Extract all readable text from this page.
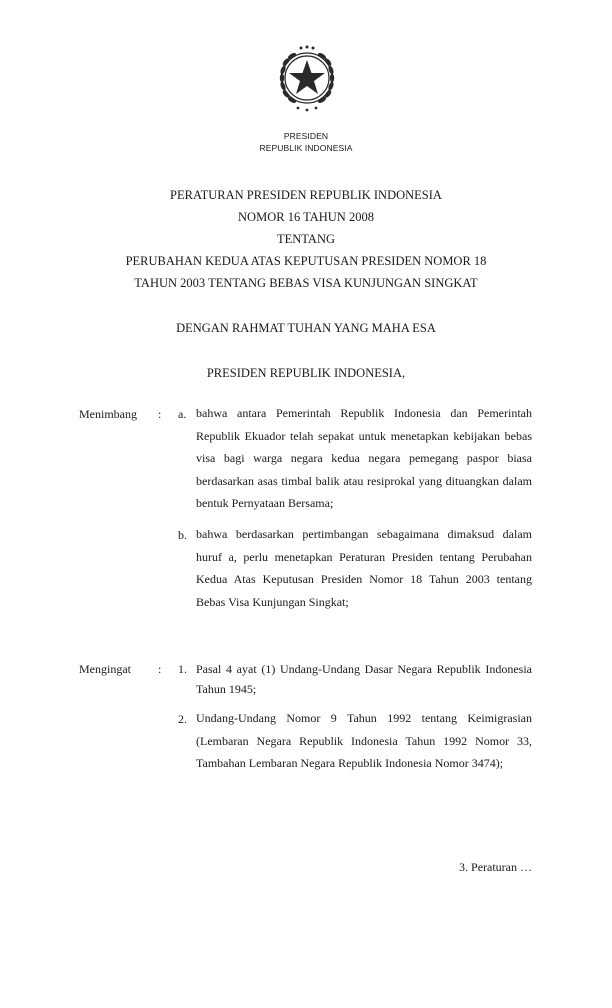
PRESIDEN
REPUBLIK INDONESIA
PERATURAN PRESIDEN REPUBLIK INDONESIA
NOMOR 16 TAHUN 2008
TENTANG
PERUBAHAN KEDUA ATAS KEPUTUSAN PRESIDEN NOMOR 18
TAHUN 2003 TENTANG BEBAS VISA KUNJUNGAN SINGKAT
DENGAN RAHMAT TUHAN YANG MAHA ESA
PRESIDEN REPUBLIK INDONESIA,
Menimbang : a. bahwa antara Pemerintah Republik Indonesia dan Pemerintah Republik Ekuador telah sepakat untuk menetapkan kebijakan bebas visa bagi warga negara kedua negara pemegang paspor biasa berdasarkan asas timbal balik atau resiprokal yang dituangkan dalam bentuk Pernyataan Bersama;
b. bahwa berdasarkan pertimbangan sebagaimana dimaksud dalam huruf a, perlu menetapkan Peraturan Presiden tentang Perubahan Kedua Atas Keputusan Presiden Nomor 18 Tahun 2003 tentang Bebas Visa Kunjungan Singkat;
Mengingat : 1. Pasal 4 ayat (1) Undang-Undang Dasar Negara Republik Indonesia Tahun 1945;
2. Undang-Undang Nomor 9 Tahun 1992 tentang Keimigrasian (Lembaran Negara Republik Indonesia Tahun 1992 Nomor 33, Tambahan Lembaran Negara Republik Indonesia Nomor 3474);
3. Peraturan …
